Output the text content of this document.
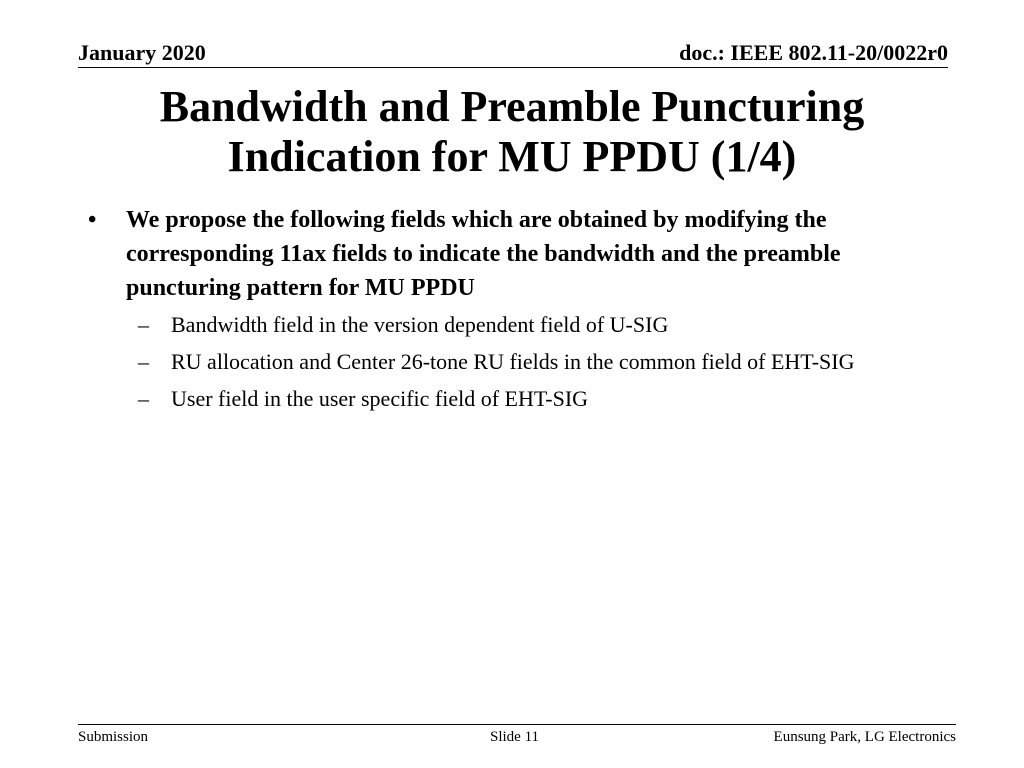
January 2020	doc.: IEEE 802.11-20/0022r0
Bandwidth and Preamble Puncturing
Indication for MU PPDU (1/4)
• We propose the following fields which are obtained by modifying the corresponding 11ax fields to indicate the bandwidth and the preamble puncturing pattern for MU PPDU
– Bandwidth field in the version dependent field of U-SIG
– RU allocation and Center 26-tone RU fields in the common field of EHT-SIG
– User field in the user specific field of EHT-SIG
Submission	Slide 11	Eunsung Park, LG Electronics
